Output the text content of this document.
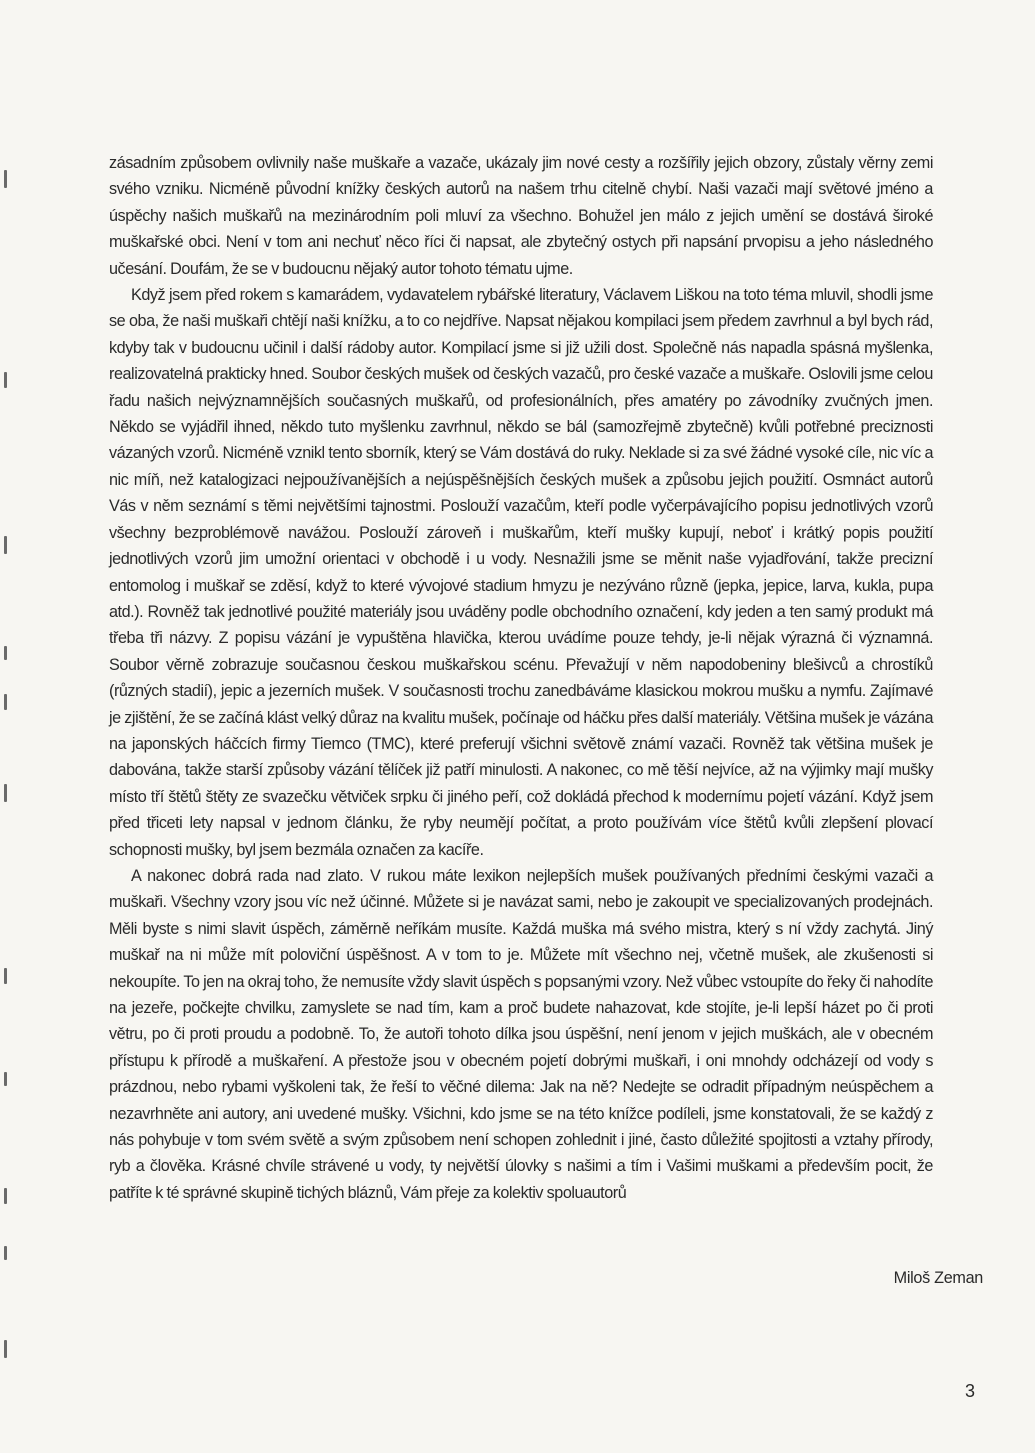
zásadním způsobem ovlivnily naše muškaře a vazače, ukázaly jim nové cesty a rozšířily jejich obzory, zůstaly věrny zemi svého vzniku. Nicméně původní knížky českých autorů na našem trhu citelně chybí. Naši vazači mají světové jméno a úspěchy našich muškařů na mezinárodním poli mluví za všechno. Bohužel jen málo z jejich umění se dostává široké muškařské obci. Není v tom ani nechuť něco říci či napsat, ale zbytečný ostych při napsání prvopisu a jeho následného učesání. Doufám, že se v budoucnu nějaký autor tohoto tématu ujme.

Když jsem před rokem s kamarádem, vydavatelem rybářské literatury, Václavem Liškou na toto téma mluvil, shodli jsme se oba, že naši muškaři chtějí naši knížku, a to co nejdříve. Napsat nějakou kompilaci jsem předem zavrhnul a byl bych rád, kdyby tak v budoucnu učinil i další rádoby autor. Kompilací jsme si již užili dost. Společně nás napadla spásná myšlenka, realizovatelná prakticky hned. Soubor českých mušek od českých vazačů, pro české vazače a muškaře. Oslovili jsme celou řadu našich nejvýznamnějších současných muškařů, od profesionálních, přes amatéry po závodníky zvučných jmen. Někdo se vyjádřil ihned, někdo tuto myšlenku zavrhnul, někdo se bál (samozřejmě zbytečně) kvůli potřebné preciznosti vázaných vzorů. Nicméně vznikl tento sborník, který se Vám dostává do ruky. Neklade si za své žádné vysoké cíle, nic víc a nic míň, než katalogizaci nejpoužívanějších a nejúspěšnějších českých mušek a způsobu jejich použití. Osmnáct autorů Vás v něm seznámí s těmi největšími tajnostmi. Poslouží vazačům, kteří podle vyčerpávajícího popisu jednotlivých vzorů všechny bezproblémově navážou. Poslouží zároveň i muškařům, kteří mušky kupují, neboť i krátký popis použití jednotlivých vzorů jim umožní orientaci v obchodě i u vody. Nesnažili jsme se měnit naše vyjadřování, takže precizní entomolog i muškař se zděsí, když to které vývojové stadium hmyzu je nezýváno různě (jepka, jepice, larva, kukla, pupa atd.). Rovněž tak jednotlivé použité materiály jsou uváděny podle obchodního označení, kdy jeden a ten samý produkt má třeba tři názvy. Z popisu vázání je vypuštěna hlavička, kterou uvádíme pouze tehdy, je-li nějak výrazná či významná. Soubor věrně zobrazuje současnou českou muškařskou scénu. Převažují v něm napodobeniny blešivců a chrostíků (různých stadií), jepic a jezerních mušek. V současnosti trochu zanedbáváme klasickou mokrou mušku a nymfu. Zajímavé je zjištění, že se začíná klást velký důraz na kvalitu mušek, počínaje od háčku přes další materiály. Většina mušek je vázána na japonských háčcích firmy Tiemco (TMC), které preferují všichni světově známí vazači. Rovněž tak většina mušek je dabována, takže starší způsoby vázání tělíček již patří minulosti. A nakonec, co mě těší nejvíce, až na výjimky mají mušky místo tří štětů štěty ze svazečku větviček srpku či jiného peří, což dokládá přechod k modernímu pojetí vázání. Když jsem před třiceti lety napsal v jednom článku, že ryby neumějí počítat, a proto používám více štětů kvůli zlepšení plovací schopnosti mušky, byl jsem bezmála označen za kacíře.

A nakonec dobrá rada nad zlato. V rukou máte lexikon nejlepších mušek používaných předními českými vazači a muškaři. Všechny vzory jsou víc než účinné. Můžete si je navázat sami, nebo je zakoupit ve specializovaných prodejnách. Měli byste s nimi slavit úspěch, záměrně neříkám musíte. Každá muška má svého mistra, který s ní vždy zachytá. Jiný muškař na ni může mít poloviční úspěšnost. A v tom to je. Můžete mít všechno nej, včetně mušek, ale zkušenosti si nekoupíte. To jen na okraj toho, že nemusíte vždy slavit úspěch s popsanými vzory. Než vůbec vstoupíte do řeky či nahodíte na jezeře, počkejte chvilku, zamyslete se nad tím, kam a proč budete nahazovat, kde stojíte, je-li lepší házet po či proti větru, po či proti proudu a podobně. To, že autoři tohoto dílka jsou úspěšní, není jenom v jejich muškách, ale v obecném přístupu k přírodě a muškaření. A přestože jsou v obecném pojetí dobrými muškaři, i oni mnohdy odcházejí od vody s prázdnou, nebo rybami vyškoleni tak, že řeší to věčné dilema: Jak na ně? Nedejte se odradit případným neúspěchem a nezavrhněte ani autory, ani uvedené mušky. Všichni, kdo jsme se na této knížce podíleli, jsme konstatovali, že se každý z nás pohybuje v tom svém světě a svým způsobem není schopen zohlednit i jiné, často důležité spojitosti a vztahy přírody, ryb a člověka. Krásné chvíle strávené u vody, ty největší úlovky s našimi a tím i Vašimi muškami a především pocit, že patříte k té správné skupině tichých bláznů, Vám přeje za kolektiv spoluautorů

Miloš Zeman
3
